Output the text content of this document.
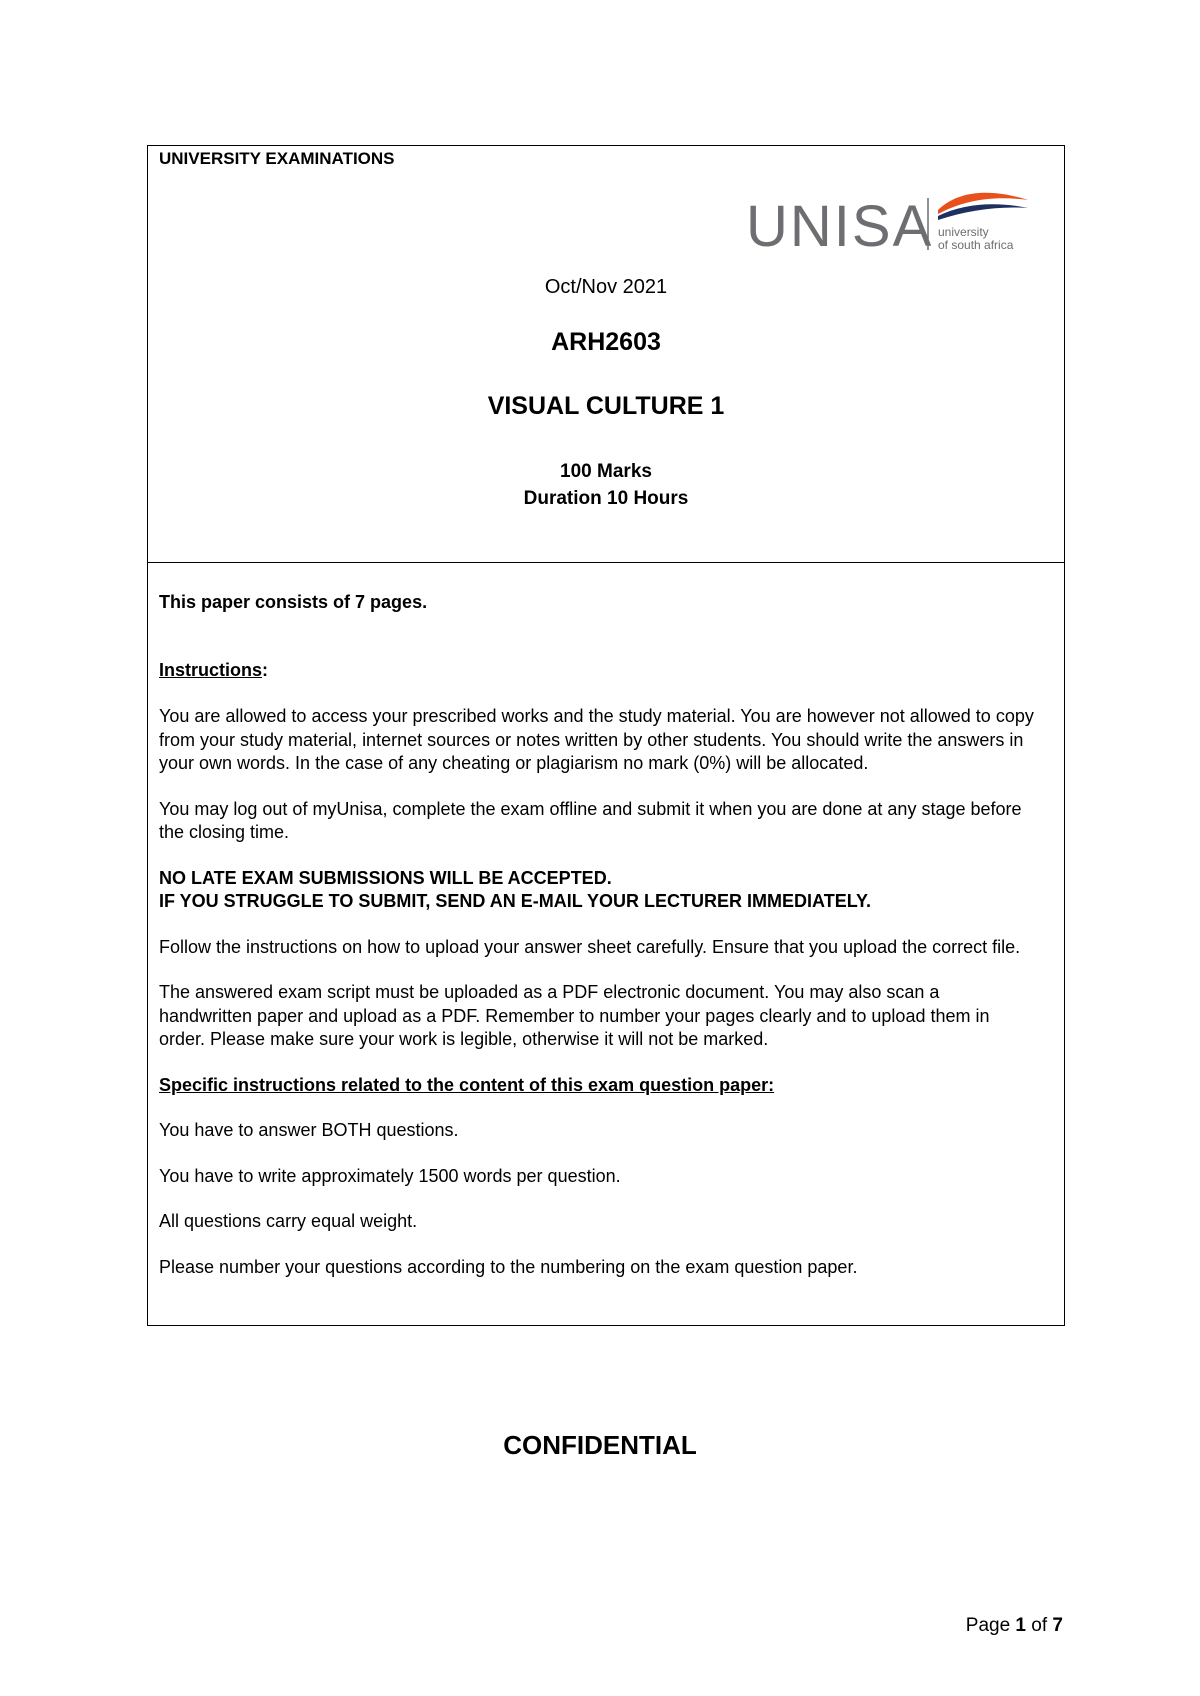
UNIVERSITY EXAMINATIONS
UNISA university
of south africa
Oct/Nov 2021
ARH2603
VISUAL CULTURE 1
100 Marks
Duration 10 Hours

This paper consists of 7 pages.

Instructions:

You are allowed to access your prescribed works and the study material. You are however not allowed to copy from your study material, internet sources or notes written by other students. You should write the answers in your own words. In the case of any cheating or plagiarism no mark (0%) will be allocated.

You may log out of myUnisa, complete the exam offline and submit it when you are done at any stage before the closing time.

NO LATE EXAM SUBMISSIONS WILL BE ACCEPTED.
IF YOU STRUGGLE TO SUBMIT, SEND AN E-MAIL YOUR LECTURER IMMEDIATELY.

Follow the instructions on how to upload your answer sheet carefully. Ensure that you upload the correct file.

The answered exam script must be uploaded as a PDF electronic document. You may also scan a handwritten paper and upload as a PDF. Remember to number your pages clearly and to upload them in order. Please make sure your work is legible, otherwise it will not be marked.

Specific instructions related to the content of this exam question paper:

You have to answer BOTH questions.

You have to write approximately 1500 words per question.

All questions carry equal weight.

Please number your questions according to the numbering on the exam question paper.

CONFIDENTIAL
Page 1 of 7
